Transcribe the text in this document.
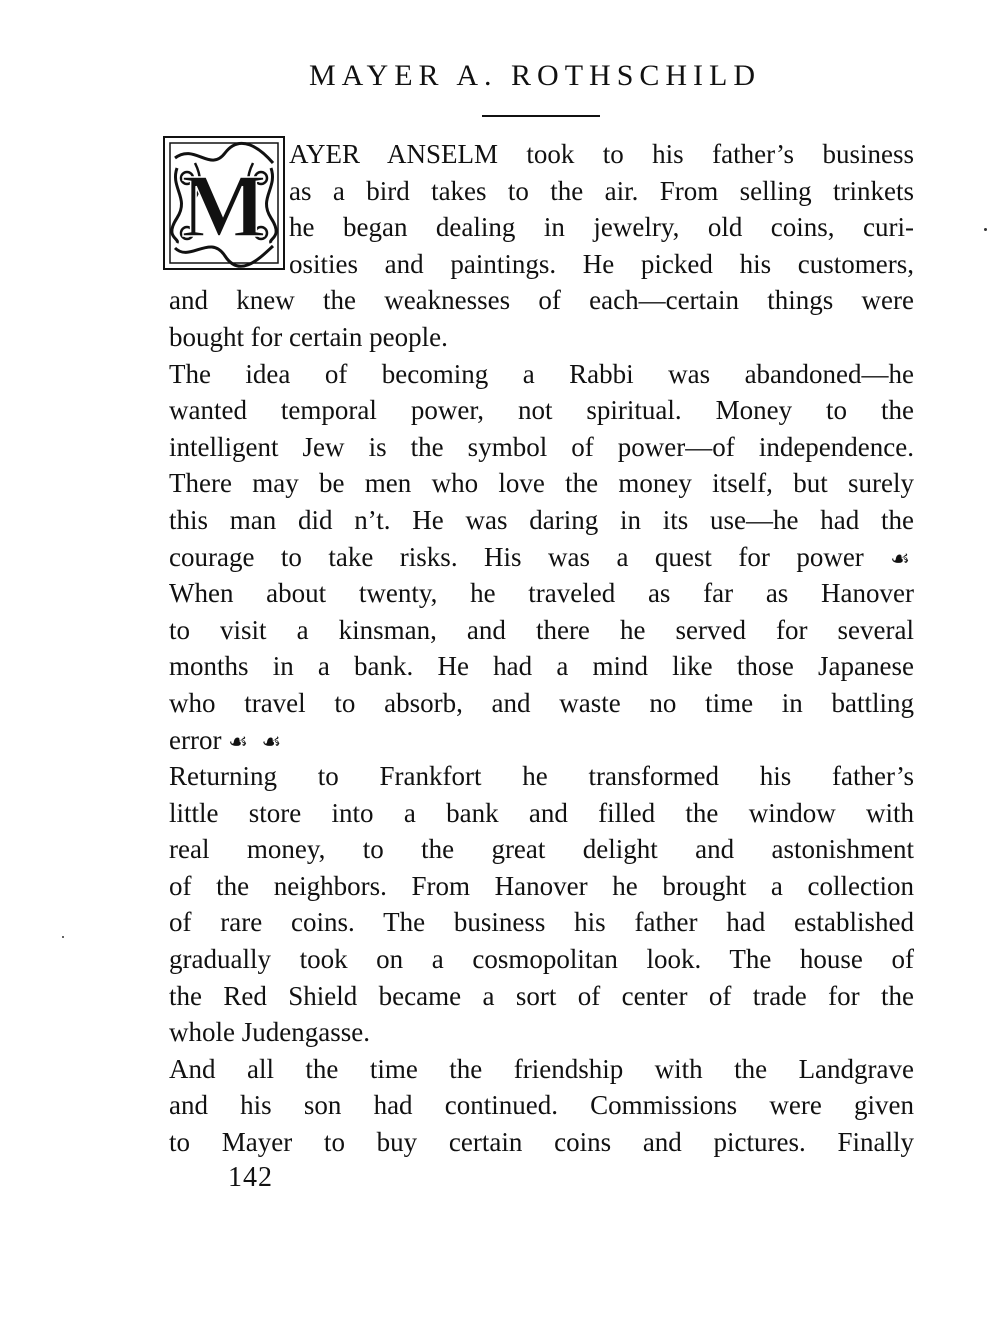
MAYER A. ROTHSCHILD
M
AYER ANSELM took to his father’s business
as a bird takes to the air. From selling trinkets
he began dealing in jewelry, old coins, curi-
osities and paintings. He picked his customers,
and knew the weaknesses of each—certain things were
bought for certain people.
The idea of becoming a Rabbi was abandoned—he
wanted temporal power, not spiritual. Money to the
intelligent Jew is the symbol of power—of independence.
There may be men who love the money itself, but surely
this man did n’t. He was daring in its use—he had the
courage to take risks. His was a quest for power ☙
When about twenty, he traveled as far as Hanover
to visit a kinsman, and there he served for several
months in a bank. He had a mind like those Japanese
who travel to absorb, and waste no time in battling
error ☙ ☙
Returning to Frankfort he transformed his father’s
little store into a bank and filled the window with
real money, to the great delight and astonishment
of the neighbors. From Hanover he brought a collection
of rare coins. The business his father had established
gradually took on a cosmopolitan look. The house of
the Red Shield became a sort of center of trade for the
whole Judengasse.
And all the time the friendship with the Landgrave
and his son had continued. Commissions were given
to Mayer to buy certain coins and pictures. Finally
142
